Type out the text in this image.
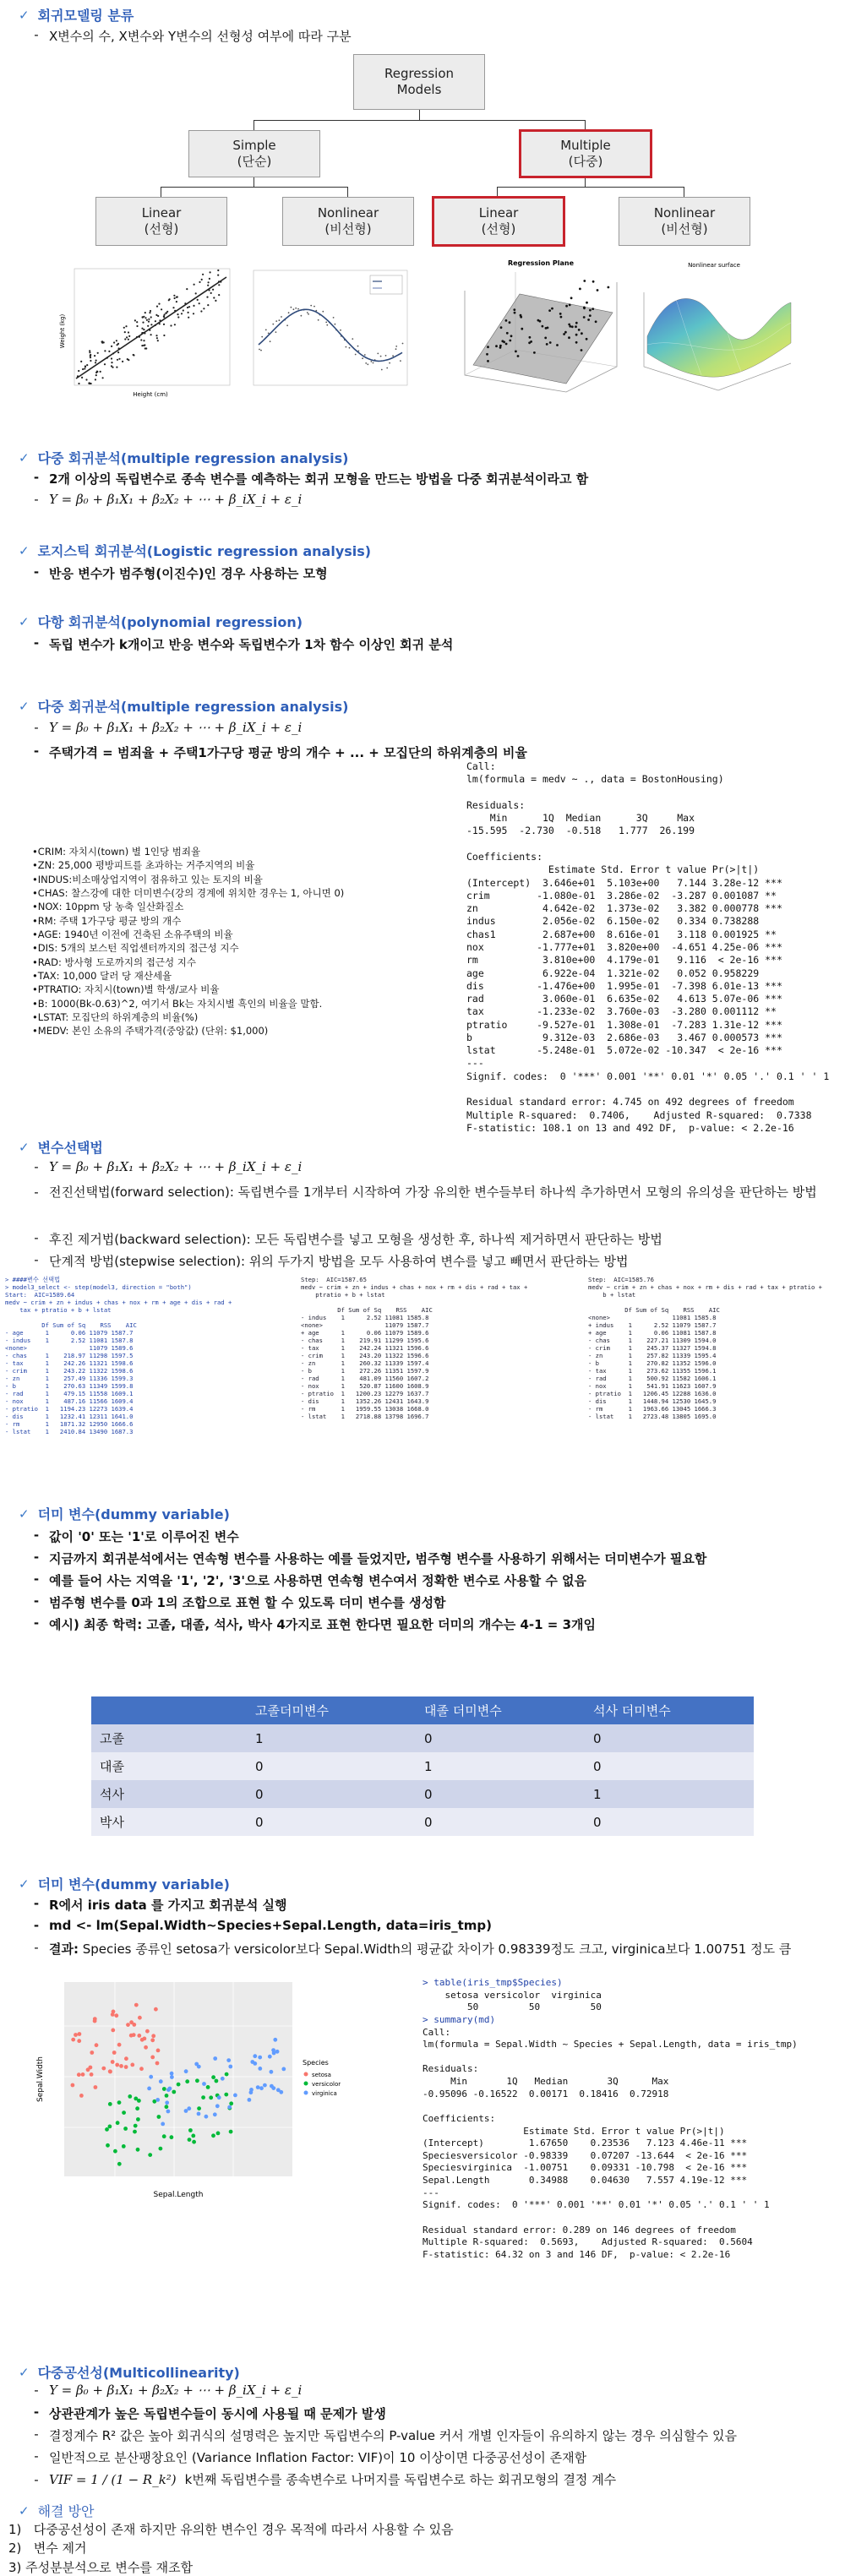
✓ 회귀모델링 분류
- X변수의 수, X변수와 Y변수의 선형성 여부에 따라 구분
Regression
Models
Simple
(단순)
Multiple
(다중)
Linear
(선형)
Nonlinear
(비선형)
Linear
(선형)
Nonlinear
(비선형)
Height (cm)
Weight (kg)
Regression Plane	Nonlinear surface
✓ 다중 회귀분석(multiple regression analysis)
- 2개 이상의 독립변수로 종속 변수를 예측하는 회귀 모형을 만드는 방법을 다중 회귀분석이라고 함
- Y = β₀ + β₁X₁ + β₂X₂ + ⋯ + β_iX_i + ε_i
✓ 로지스틱 회귀분석(Logistic regression analysis)
- 반응 변수가 범주형(이진수)인 경우 사용하는 모형
✓ 다항 회귀분석(polynomial regression)
- 독립 변수가 k개이고 반응 변수와 독립변수가 1차 함수 이상인 회귀 분석
✓ 다중 회귀분석(multiple regression analysis)
- Y = β₀ + β₁X₁ + β₂X₂ + ⋯ + β_iX_i + ε_i
- 주택가격 = 범죄율 + 주택1가구당 평균 방의 개수 + ... + 모집단의 하위계층의 비율
•CRIM: 자치시(town) 별 1인당 범죄율
•ZN: 25,000 평방피트를 초과하는 거주지역의 비율
•INDUS:비소매상업지역이 점유하고 있는 토지의 비율
•CHAS: 찰스강에 대한 더미변수(강의 경계에 위치한 경우는 1, 아니면 0)
•NOX: 10ppm 당 농축 일산화질소
•RM: 주택 1가구당 평균 방의 개수
•AGE: 1940년 이전에 건축된 소유주택의 비율
•DIS: 5개의 보스턴 직업센터까지의 접근성 지수
•RAD: 방사형 도로까지의 접근성 지수
•TAX: 10,000 달러 당 재산세율
•PTRATIO: 자치시(town)별 학생/교사 비율
•B: 1000(Bk-0.63)^2, 여기서 Bk는 자치시별 흑인의 비율을 말함.
•LSTAT: 모집단의 하위계층의 비율(%)
•MEDV: 본인 소유의 주택가격(중앙값) (단위: $1,000)
Call:
lm(formula = medv ~ ., data = BostonHousing)

Residuals:
Min      1Q  Median      3Q     Max
-15.595  -2.730  -0.518   1.777  26.199

Coefficients:
Estimate Std. Error t value Pr(>|t|)
(Intercept)  3.646e+01  5.103e+00   7.144 3.28e-12 ***
crim        -1.080e-01  3.286e-02  -3.287 0.001087 **
zn           4.642e-02  1.373e-02   3.382 0.000778 ***
indus        2.056e-02  6.150e-02   0.334 0.738288
chas1        2.687e+00  8.616e-01   3.118 0.001925 **
nox         -1.777e+01  3.820e+00  -4.651 4.25e-06 ***
rm           3.810e+00  4.179e-01   9.116  < 2e-16 ***
age          6.922e-04  1.321e-02   0.052 0.958229
dis         -1.476e+00  1.995e-01  -7.398 6.01e-13 ***
rad          3.060e-01  6.635e-02   4.613 5.07e-06 ***
tax         -1.233e-02  3.760e-03  -3.280 0.001112 **
ptratio     -9.527e-01  1.308e-01  -7.283 1.31e-12 ***
b            9.312e-03  2.686e-03   3.467 0.000573 ***
lstat       -5.248e-01  5.072e-02 -10.347  < 2e-16 ***
---
Signif. codes:  0 '***' 0.001 '**' 0.01 '*' 0.05 '.' 0.1 ' ' 1

Residual standard error: 4.745 on 492 degrees of freedom
Multiple R-squared:  0.7406,    Adjusted R-squared:  0.7338
F-statistic: 108.1 on 13 and 492 DF,  p-value: < 2.2e-16
✓ 변수선택법
- Y = β₀ + β₁X₁ + β₂X₂ + ⋯ + β_iX_i + ε_i
- 전진선택법(forward selection): 독립변수를 1개부터 시작하여 가장 유의한 변수들부터 하나씩 추가하면서 모형의 유의성을 판단하는 방법
- 후진 제거법(backward selection): 모든 독립변수를 넣고 모형을 생성한 후, 하나씩 제거하면서 판단하는 방법
- 단계적 방법(stepwise selection): 위의 두가지 방법을 모두 사용하여 변수를 넣고 빼면서 판단하는 방법
> ####변수 선택법
> model3_select <- step(model3, direction = "both")
Start:  AIC=1589.64
medv ~ crim + zn + indus + chas + nox + rm + age + dis + rad +
tax + ptratio + b + lstat

Df Sum of Sq    RSS    AIC
- age      1      0.06 11079 1587.7
- indus    1      2.52 11081 1587.8
<none>                 11079 1589.6
- chas     1    218.97 11298 1597.5
- tax      1    242.26 11321 1598.6
- crim     1    243.22 11322 1598.6
- zn       1    257.49 11336 1599.3
- b        1    270.63 11349 1599.8
- rad      1    479.15 11558 1609.1
- nox      1    487.16 11566 1609.4
- ptratio  1   1194.23 12273 1639.4
- dis      1   1232.41 12311 1641.0
- rm       1   1871.32 12950 1666.6
- lstat    1   2410.84 13490 1687.3
Step:  AIC=1587.65
medv ~ crim + zn + indus + chas + nox + rm + dis + rad + tax +
ptratio + b + lstat

Df Sum of Sq    RSS    AIC
- indus    1      2.52 11081 1585.8
<none>                 11079 1587.7
+ age      1      0.06 11079 1589.6
- chas     1    219.91 11299 1595.6
- tax      1    242.24 11321 1596.6
- crim     1    243.20 11322 1596.6
- zn       1    260.32 11339 1597.4
- b        1    272.26 11351 1597.9
- rad      1    481.09 11560 1607.2
- nox      1    520.87 11600 1608.9
- ptratio  1   1200.23 12279 1637.7
- dis      1   1352.26 12431 1643.9
- rm       1   1959.55 13038 1668.0
- lstat    1   2718.88 13798 1696.7
Step:  AIC=1585.76
medv ~ crim + zn + chas + nox + rm + dis + rad + tax + ptratio +
b + lstat

Df Sum of Sq    RSS    AIC
<none>                 11081 1585.8
+ indus    1      2.52 11079 1587.7
+ age      1      0.06 11081 1587.8
- chas     1    227.21 11309 1594.0
- crim     1    245.37 11327 1594.8
- zn       1    257.82 11339 1595.4
- b        1    270.82 11352 1596.0
- tax      1    273.62 11355 1596.1
- rad      1    500.92 11582 1606.1
- nox      1    541.91 11623 1607.9
- ptratio  1   1206.45 12288 1636.0
- dis      1   1448.94 12530 1645.9
- rm       1   1963.66 13045 1666.3
- lstat    1   2723.48 13805 1695.0
✓ 더미 변수(dummy variable)
- 값이 '0' 또는 '1'로 이루어진 변수
- 지금까지 회귀분석에서는 연속형 변수를 사용하는 예를 들었지만, 범주형 변수를 사용하기 위해서는 더미변수가 필요함
- 예를 들어 사는 지역을 '1', '2', '3'으로 사용하면 연속형 변수여서 정확한 변수로 사용할 수 없음
- 범주형 변수를 0과 1의 조합으로 표현 할 수 있도록 더미 변수를 생성함
- 예시) 최종 학력: 고졸, 대졸, 석사, 박사 4가지로 표현 한다면 필요한 더미의 개수는 4-1 = 3개임
	고졸더미변수	대졸 더미변수	석사 더미변수
고졸	1	0	0
대졸	0	1	0
석사	0	0	1
박사	0	0	0
✓ 더미 변수(dummy variable)
- R에서 iris data 를 가지고 회귀분석 실행
- md <- lm(Sepal.Width~Species+Sepal.Length, data=iris_tmp)
- 결과: Species 종류인 setosa가 versicolor보다 Sepal.Width의 평균값 차이가 0.98339정도 크고, virginica보다 1.00751 정도 큼
Sepal.Length
Sepal.Width	Species
setosa
versicolor
virginica
> table(iris_tmp$Species)
setosa versicolor  virginica
50         50         50
> summary(md)
Call:
lm(formula = Sepal.Width ~ Species + Sepal.Length, data = iris_tmp)

Residuals:
Min       1Q   Median       3Q      Max
-0.95096 -0.16522  0.00171  0.18416  0.72918

Coefficients:
Estimate Std. Error t value Pr(>|t|)
(Intercept)        1.67650    0.23536   7.123 4.46e-11 ***
Speciesversicolor -0.98339    0.07207 -13.644  < 2e-16 ***
Speciesvirginica  -1.00751    0.09331 -10.798  < 2e-16 ***
Sepal.Length       0.34988    0.04630   7.557 4.19e-12 ***
---
Signif. codes:  0 '***' 0.001 '**' 0.01 '*' 0.05 '.' 0.1 ' ' 1

Residual standard error: 0.289 on 146 degrees of freedom
Multiple R-squared:  0.5693,    Adjusted R-squared:  0.5604
F-statistic: 64.32 on 3 and 146 DF,  p-value: < 2.2e-16
✓ 다중공선성(Multicollinearity)
- Y = β₀ + β₁X₁ + β₂X₂ + ⋯ + β_iX_i + ε_i
- 상관관계가 높은 독립변수들이 동시에 사용될 때 문제가 발생
- 결정계수 R² 값은 높아 회귀식의 설명력은 높지만 독립변수의 P-value 커서 개별 인자들이 유의하지 않는 경우 의심할수 있음
- 일반적으로 분산팽창요인 (Variance Inflation Factor: VIF)이 10 이상이면 다중공선성이 존재함
- VIF = 1 / (1 − R_k²) k번째 독립변수를 종속변수로 나머지를 독립변수로 하는 회귀모형의 결정 계수
✓ 해결 방안
1)   다중공선성이 존재 하지만 유의한 변수인 경우 목적에 따라서 사용할 수 있음
2)   변수 제거
3) 주성분분석으로 변수를 재조합
